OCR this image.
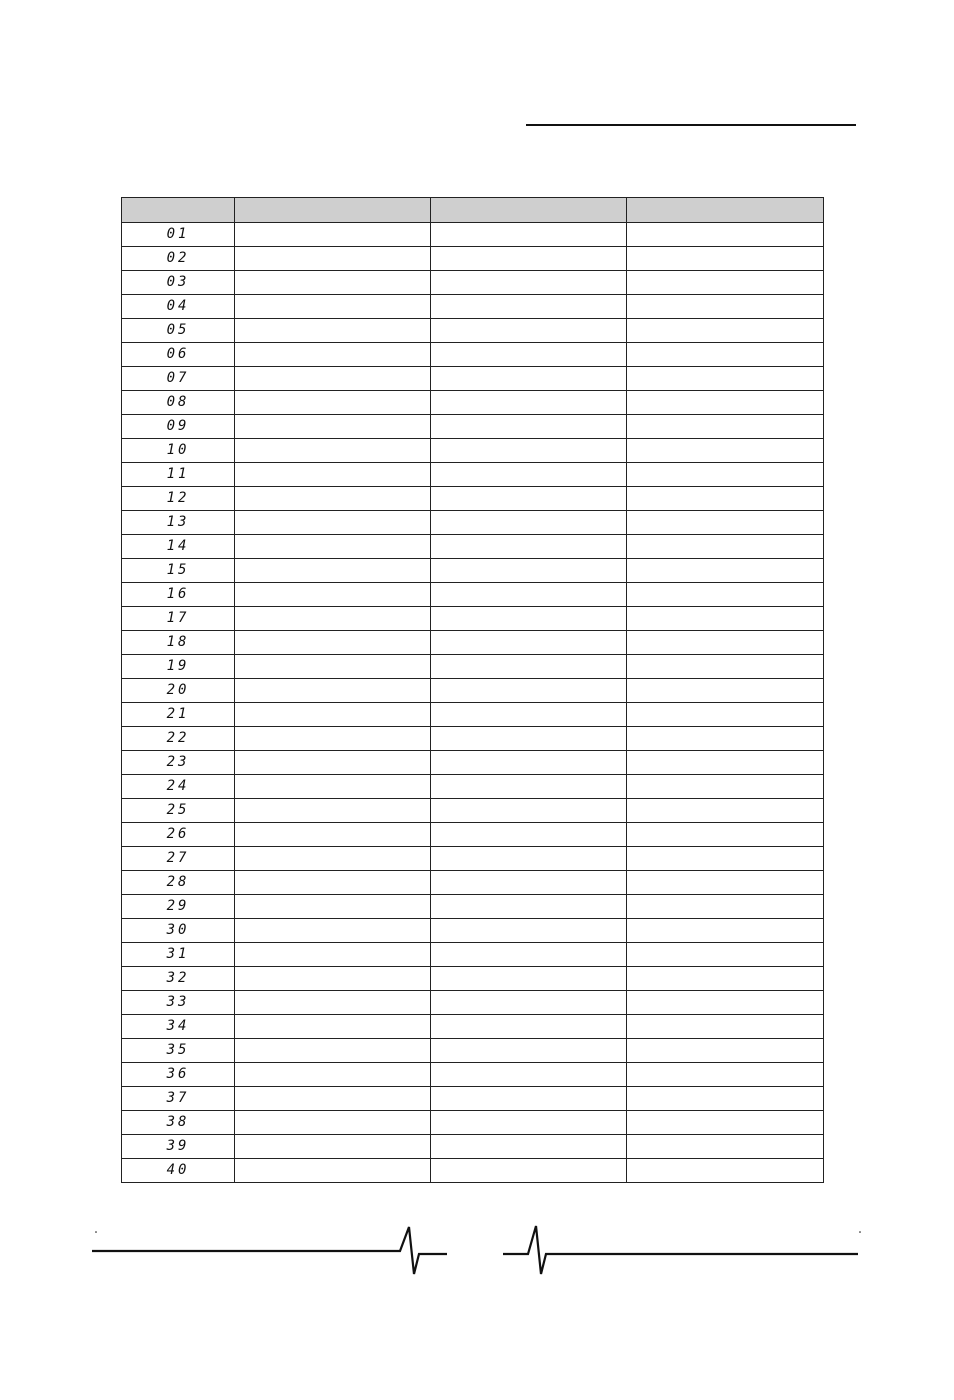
01			
02			
03			
04			
05			
06			
07			
08			
09			
10			
11			
12			
13			
14			
15			
16			
17			
18			
19			
20			
21			
22			
23			
24			
25			
26			
27			
28			
29			
30			
31			
32			
33			
34			
35			
36			
37			
38			
39			
40			
